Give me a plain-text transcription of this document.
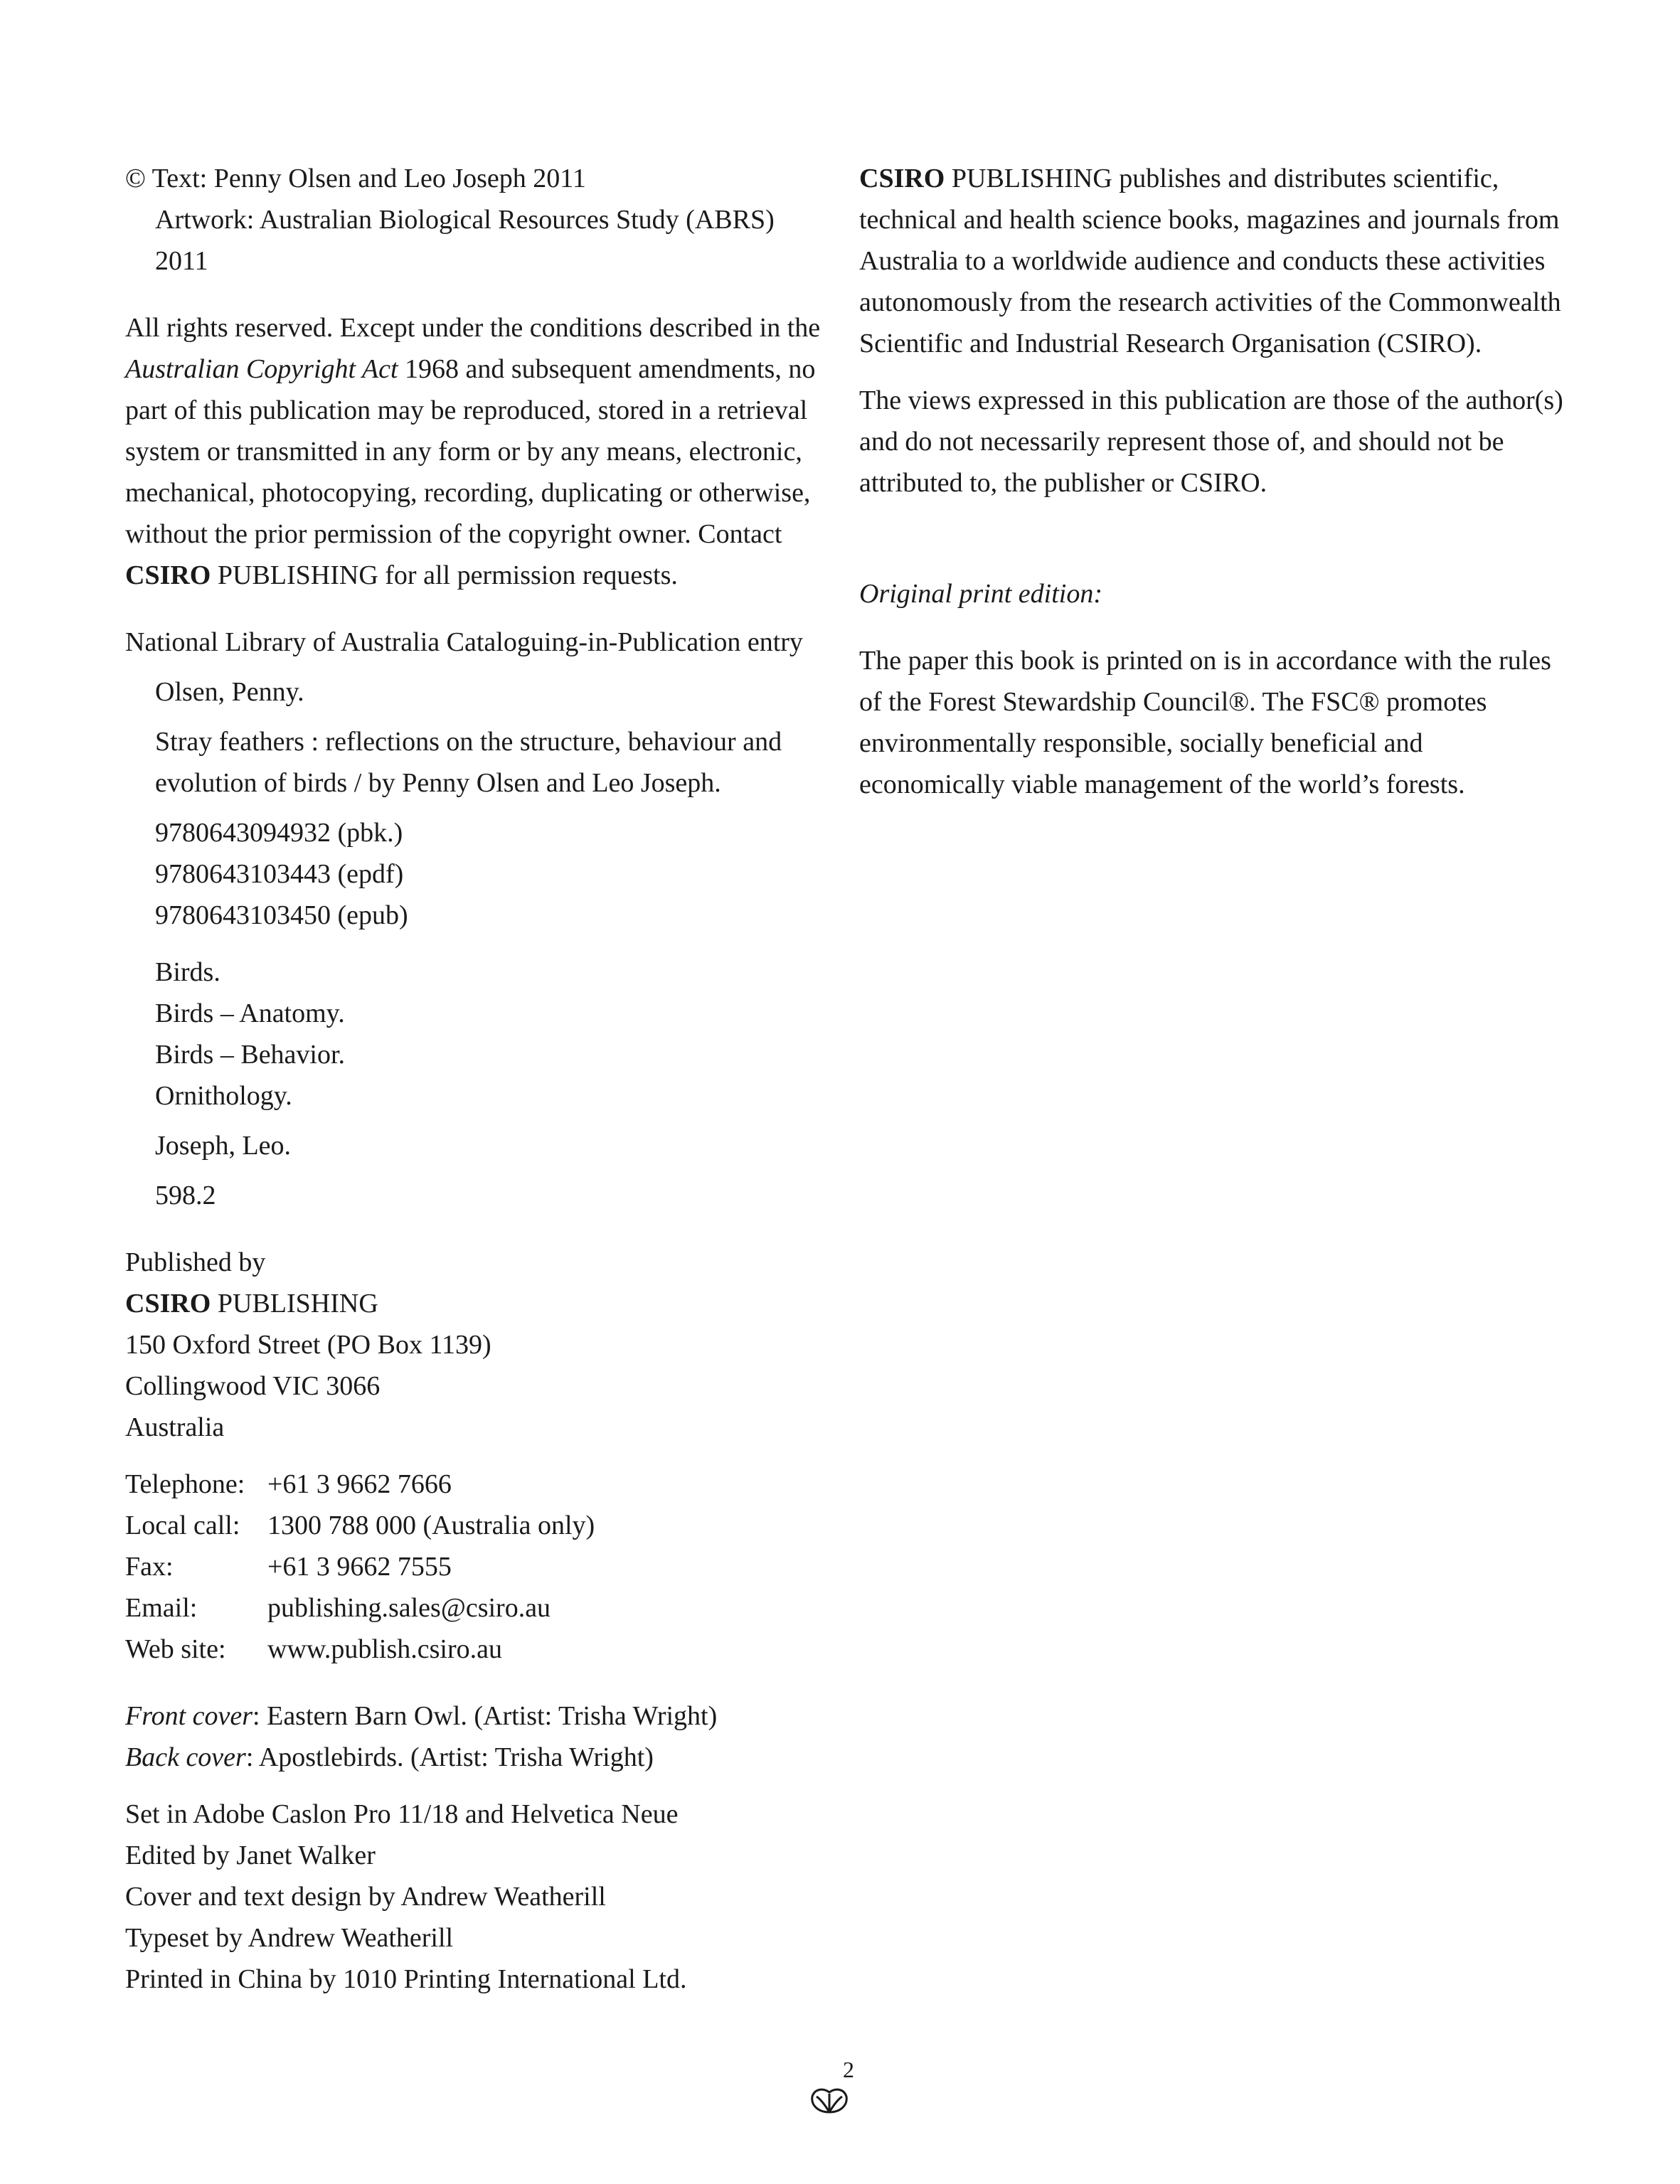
© Text: Penny Olsen and Leo Joseph 2011

Artwork: Australian Biological Resources Study (ABRS)

2011

All rights reserved. Except under the conditions described in the Australian Copyright Act 1968 and subsequent amendments, no part of this publication may be reproduced, stored in a retrieval system or transmitted in any form or by any means, electronic, mechanical, photocopying, recording, duplicating or otherwise, without the prior permission of the copyright owner. Contact CSIRO PUBLISHING for all permission requests.

National Library of Australia Cataloguing-in-Publication entry

Olsen, Penny.

Stray feathers : reflections on the structure, behaviour and evolution of birds / by Penny Olsen and Leo Joseph.

9780643094932 (pbk.)

9780643103443 (epdf)

9780643103450 (epub)

Birds.

Birds – Anatomy.

Birds – Behavior.

Ornithology.

Joseph, Leo.

598.2

Published by

CSIRO PUBLISHING

150 Oxford Street (PO Box 1139)

Collingwood VIC 3066

Australia

Telephone: +61 3 9662 7666
Local call:	1300 788 000 (Australia only)
Fax:	+61 3 9662 7555
Email:	publishing.sales@csiro.au
Web site:	www.publish.csiro.au

Front cover: Eastern Barn Owl. (Artist: Trisha Wright)

Back cover: Apostlebirds. (Artist: Trisha Wright)

Set in Adobe Caslon Pro 11/18 and Helvetica Neue

Edited by Janet Walker

Cover and text design by Andrew Weatherill

Typeset by Andrew Weatherill

Printed in China by 1010 Printing International Ltd.

CSIRO PUBLISHING publishes and distributes scientific, technical and health science books, magazines and journals from Australia to a worldwide audience and conducts these activities autonomously from the research activities of the Commonwealth Scientific and Industrial Research Organisation (CSIRO).

The views expressed in this publication are those of the author(s) and do not necessarily represent those of, and should not be attributed to, the publisher or CSIRO.

Original print edition:

The paper this book is printed on is in accordance with the rules of the Forest Stewardship Council®. The FSC® promotes environmentally responsible, socially beneficial and economically viable management of the world’s forests.

2
